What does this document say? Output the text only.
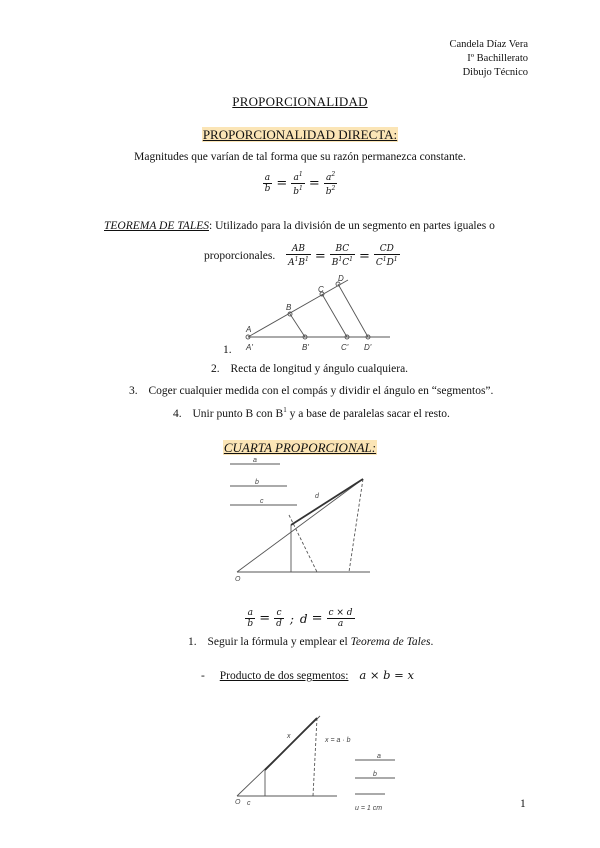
Candela Díaz Vera
Iº Bachillerato
Dibujo Técnico
PROPORCIONALIDAD
PROPORCIONALIDAD DIRECTA:
Magnitudes que varían de tal forma que su razón permanezca constante.
$\frac{a}{b} = \frac{a^1}{b^1} = \frac{a^2}{b^2}$
TEOREMA DE TALES: Utilizado para la división de un segmento en partes iguales o
proporcionales. $\frac{AB}{A^1B^1} = \frac{BC}{B^1C^1} = \frac{CD}{C^1D^1}$
A
B
C
D
A'	B'	C' D'
1.
2. Recta de longitud y ángulo cualquiera.
3. Coger cualquier medida con el compás y dividir el ángulo en “segmentos”.
4. Unir punto B con $B^1$ y a base de paralelas sacar el resto.
CUARTA PROPORCIONAL:
a
b
c
O
d
$\frac{a}{b} = \frac{c}{d}$ ; $d = \frac{c \times d}{a}$
1. Seguir la fórmula y emplear el Teorema de Tales.
- Producto de dos segmentos: a × b = x
x = a · b
a
b
x
O
u = 1 cm
c	1
